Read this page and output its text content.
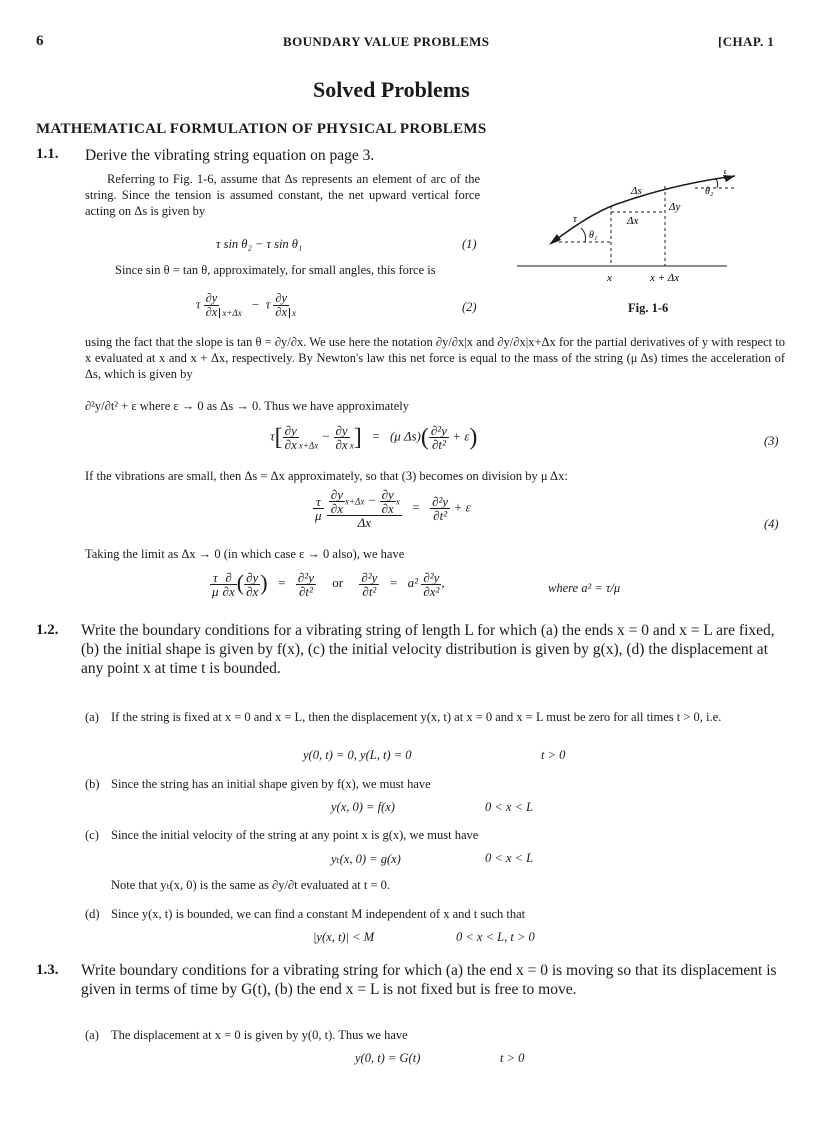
6	BOUNDARY VALUE PROBLEMS	[CHAP. 1
Solved Problems
MATHEMATICAL FORMULATION OF PHYSICAL PROBLEMS
1.1. Derive the vibrating string equation on page 3.
Referring to Fig. 1-6, assume that Δs represents an element of arc of the string. Since the tension is assumed constant, the net upward vertical force acting on Δs is given by
τ sin θ₂ − τ sin θ₁	(1)
Since sin θ = tan θ, approximately, for small angles, this force is
τ $\frac{\partial y}{\partial x} _{x+\Delta x} - \tau \frac{\partial y}{\partial x} _x$	(2)
τ
θ₂
Δs
Δy
Δx
τ
θ₁
x	x + Δx
Fig. 1-6
using the fact that the slope is tan θ = ∂y/∂x. We use here the notation ∂y/∂x|x and ∂y/∂x|x+Δx for the partial derivatives of y with respect to x evaluated at x and x + Δx, respectively. By Newton's law this net force is equal to the mass of the string (μ Δs) times the acceleration of Δs, which is given by
∂²y/∂t² + ε where ε → 0 as Δs → 0. Thus we have approximately
$\tau[ \frac{\partial y}{\partial x} _{x+\Delta x} - \frac{\partial y}{\partial x} _x] = (\mu$ $\Delta s)( \frac{\text{∂²y}}{\text{∂t²}} + \varepsilon)$	(3)
If the vibrations are small, then Δs = Δx approximately, so that (3) becomes on division by μ Δx:
$\frac{\tau}{\mu}$
$\frac{\frac{\partial y}{\partial x} x+\Delta x - \frac{\partial y}{\partial x} x}{\Delta x} = \frac{\text{∂²y}}{\text{∂t²}} + \varepsilon$
(4)
Taking the limit as Δx → 0 (in which case ε → 0 also), we have
$\frac{\tau}{\mu} \frac{\partial}{\partial x}$ ( $\frac{\partial y}{\partial x}$ )   = $\frac{\text{∂²y}}{\text{∂t²}}$ or $\frac{\text{∂²y}}{\text{∂t²}} = a^2 \frac{\text{∂²y}}{\text{∂x²}}$ ,	where a² = τ/μ
1.2. Write the boundary conditions for a vibrating string of length L for which (a) the ends x = 0 and x = L are fixed, (b) the initial shape is given by f(x), (c) the initial velocity distribution is given by g(x), (d) the displacement at any point x at time t is bounded.
(a) If the string is fixed at x = 0 and x = L, then the displacement y(x, t) at x = 0 and x = L must be zero for all times t > 0, i.e.
y(0, t) = 0, y(L, t) = 0	t > 0
(b) Since the string has an initial shape given by f(x), we must have
y(x, 0) = f(x)	0 < x < L
(c) Since the initial velocity of the string at any point x is g(x), we must have
yₜ(x, 0) = g(x)	0 < x < L
Note that yₜ(x, 0) is the same as ∂y/∂t evaluated at t = 0.
(d) Since y(x, t) is bounded, we can find a constant M independent of x and t such that
|y(x, t)| < M	0 < x < L, t > 0
1.3. Write boundary conditions for a vibrating string for which (a) the end x = 0 is moving so that its displacement is given in terms of time by G(t), (b) the end x = L is not fixed but is free to move.
(a) The displacement at x = 0 is given by y(0, t). Thus we have
y(0, t) = G(t)	t > 0
